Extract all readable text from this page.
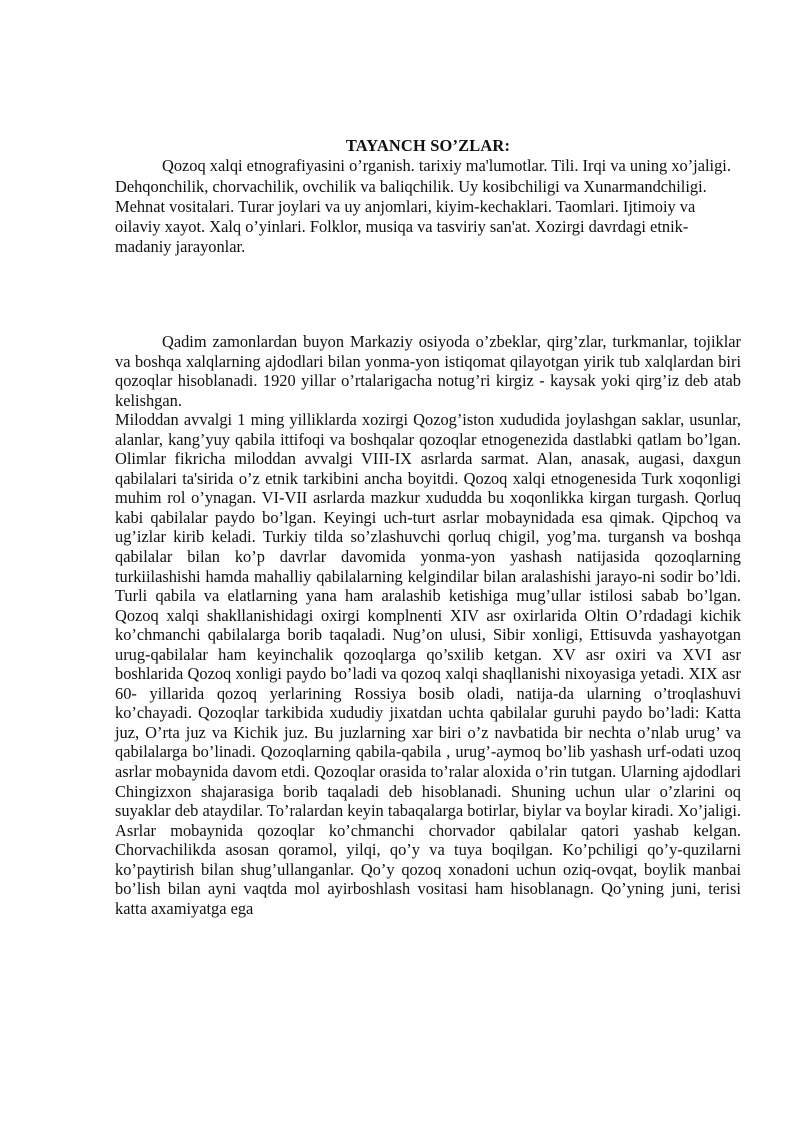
TAYANCH SO’ZLAR:

Qozoq xalqi etnografiyasini o’rganish. tarixiy ma'lumotlar. Tili. Irqi va uning xo’jaligi. Dehqonchilik, chorvachilik, ovchilik va baliqchilik. Uy kosibchiligi va Xunarmandchiligi. Mehnat vositalari. Turar joylari va uy anjomlari, kiyim-kechaklari. Taomlari. Ijtimoiy va oilaviy xayot. Xalq o’yinlari. Folklor, musiqa va tasviriy san'at. Xozirgi davrdagi etnik-madaniy jarayonlar.

Qadim zamonlardan buyon Markaziy osiyoda o’zbeklar, qirg’zlar, turkmanlar, tojiklar va boshqa xalqlarning ajdodlari bilan yonma-yon istiqomat qilayotgan yirik tub xalqlardan biri qozoqlar hisoblanadi. 1920 yillar o’rtalarigacha notug’ri kirgiz - kaysak yoki qirg’iz deb atab kelishgan.

Miloddan avvalgi 1 ming yilliklarda xozirgi Qozog’iston xududida joylashgan saklar, usunlar, alanlar, kang’yuy qabila ittifoqi va boshqalar qozoqlar etnogenezida dastlabki qatlam bo’lgan. Olimlar fikricha miloddan avvalgi VIII-IX asrlarda sarmat. Alan, anasak, augasi, daxgun qabilalari ta'sirida o’z etnik tarkibini ancha boyitdi. Qozoq xalqi etnogenesida Turk xoqonligi muhim rol o’ynagan. VI-VII asrlarda mazkur xududda bu xoqonlikka kirgan turgash. Qorluq kabi qabilalar paydo bo’lgan. Keyingi uch-turt asrlar mobaynidada esa qimak. Qipchoq va ug’izlar kirib keladi. Turkiy tilda so’zlashuvchi qorluq chigil, yog’ma. turgansh va boshqa qabilalar bilan ko’p davrlar davomida yonma-yon yashash natijasida qozoqlarning turkiilashishi hamda mahalliy qabilalarning kelgindilar bilan aralashishi jarayo-ni sodir bo’ldi. Turli qabila va elatlarning yana ham aralashib ketishiga mug’ullar istilosi sabab bo’lgan. Qozoq xalqi shakllanishidagi oxirgi komplnenti XIV asr oxirlarida Oltin O’rdadagi kichik ko’chmanchi qabilalarga borib taqaladi. Nug’on ulusi, Sibir xonligi, Ettisuvda yashayotgan urug-qabilalar ham keyinchalik qozoqlarga qo’sxilib ketgan. XV asr oxiri va XVI asr boshlarida Qozoq xonligi paydo bo’ladi va qozoq xalqi shaqllanishi nixoyasiga yetadi. XIX asr 60- yillarida qozoq yerlarining Rossiya bosib oladi, natija-da ularning o’troqlashuvi ko’chayadi. Qozoqlar tarkibida xududiy jixatdan uchta qabilalar guruhi paydo bo’ladi: Katta juz, O’rta juz va Kichik juz. Bu juzlarning xar biri o’z navbatida bir nechta o’nlab urug’ va qabilalarga bo’linadi. Qozoqlarning qabila-qabila , urug’-aymoq bo’lib yashash urf-odati uzoq asrlar mobaynida davom etdi. Qozoqlar orasida to’ralar aloxida o’rin tutgan. Ularning ajdodlari Chingizxon shajarasiga borib taqaladi deb hisoblanadi. Shuning uchun ular o’zlarini oq suyaklar deb ataydilar. To’ralardan keyin tabaqalarga botirlar, biylar va boylar kiradi. Xo’jaligi. Asrlar mobaynida qozoqlar ko’chmanchi chorvador qabilalar qatori yashab kelgan. Chorvachilikda asosan qoramol, yilqi, qo’y va tuya boqilgan. Ko’pchiligi qo’y-quzilarni ko’paytirish bilan shug’ullanganlar. Qo’y qozoq xonadoni uchun oziq-ovqat, boylik manbai bo’lish bilan ayni vaqtda mol ayirboshlash vositasi ham hisoblanagn. Qo’yning juni, terisi katta axamiyatga ega
